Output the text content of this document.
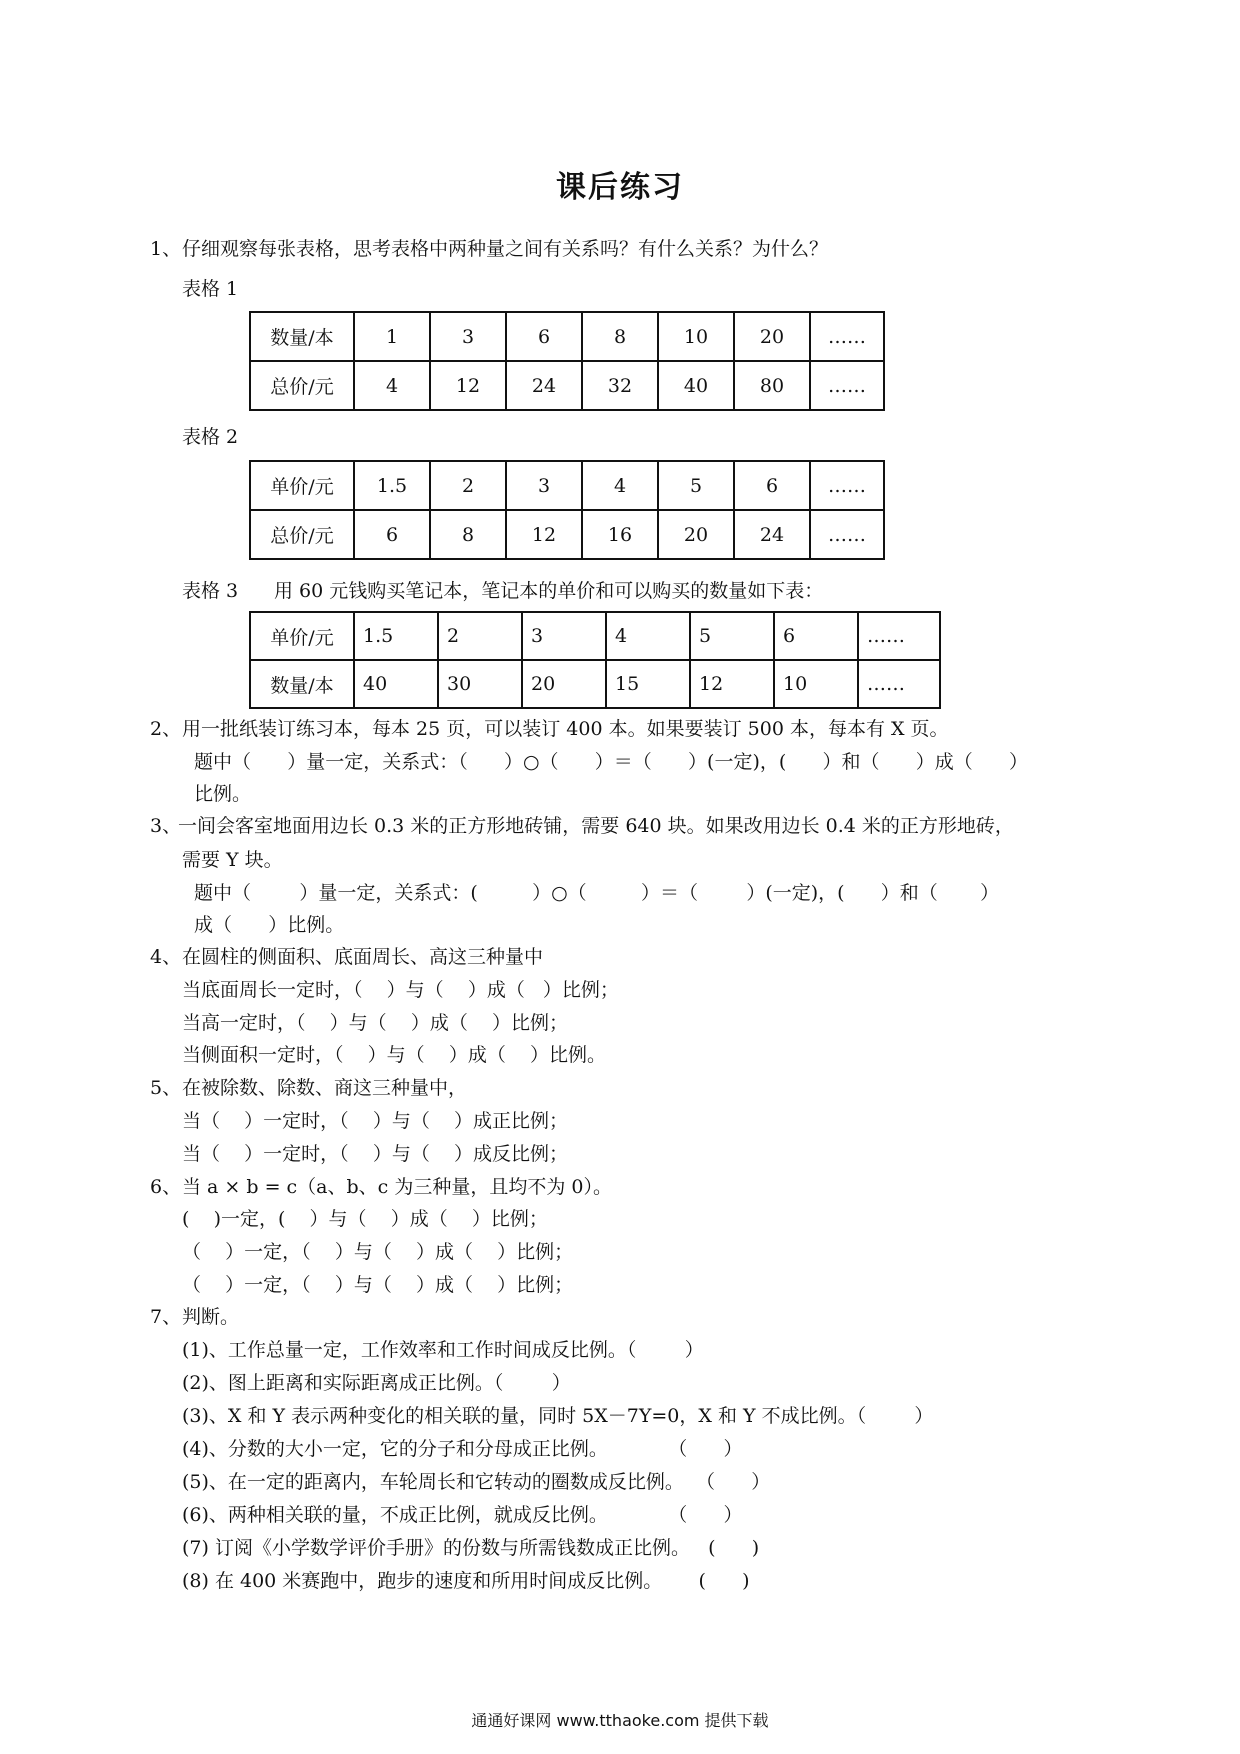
课后练习
1、 仔细观察每张表格，思考表格中两种量之间有关系吗？有什么关系？为什么？
表格 1
数量/本	1	3	6	8	10	20	……
总价/元	4	12	24	32	40	80	……
表格 2
单价/元	1.5	2	3	4	5	6	……
总价/元	6	8	12	16	20	24	……
表格 3 用 60 元钱购买笔记本，笔记本的单价和可以购买的数量如下表：
单价/元	1.5	2	3	4	5	6	……
数量/本	40	30	20	15	12	10	……
2、 用一批纸装订练习本，每本 25 页，可以装订 400 本。如果要装订 500 本，每本有 X 页。
题中（      ）量一定，关系式：（      ）○（      ）＝（      ）(一定)，(      ）和（      ）成（      ）
比例。
3、
一间会客室地面用边长 0.3 米的正方形地砖铺，需要 640 块。如果改用边长 0.4 米的正方形地砖，
需要 Y 块。
题中（        ）量一定，关系式：(         ）○（         ）＝（        ）(一定)，(      ）和（       ）
成（      ）比例。
4、 在圆柱的侧面积、底面周长、高这三种量中
当底面周长一定时，（    ）与（    ）成（   ）比例；
当高一定时，（    ）与（    ）成（    ）比例；
当侧面积一定时，（    ）与（    ）成（    ）比例。
5、 在被除数、除数、商这三种量中，
当（    ）一定时，（    ）与（    ）成正比例；
当（    ）一定时，（    ）与（    ）成反比例；
6、 当 a × b = c（a、b、c 为三种量，且均不为 0）。
(    )一定，(    ）与（    ）成（    ）比例；
（    ）一定，（    ）与（    ）成（    ）比例；
（    ）一定，（    ）与（    ）成（    ）比例；
7、 判断。
(1)、工作总量一定，工作效率和工作时间成反比例。（        ）
(2)、图上距离和实际距离成正比例。（        ）
(3)、X 和 Y 表示两种变化的相关联的量，同时 5X－7Y=0，X 和 Y 不成比例。（        ）
(4)、分数的大小一定，它的分子和分母成正比例。          （      ）
(5)、在一定的距离内，车轮周长和它转动的圈数成反比例。  （      ）
(6)、两种相关联的量，不成正比例，就成反比例。          （      ）
(7) 订阅《小学数学评价手册》的份数与所需钱数成正比例。   (      )
(8) 在 400 米赛跑中，跑步的速度和所用时间成反比例。      (      )
通通好课网 www.tthaoke.com 提供下载
